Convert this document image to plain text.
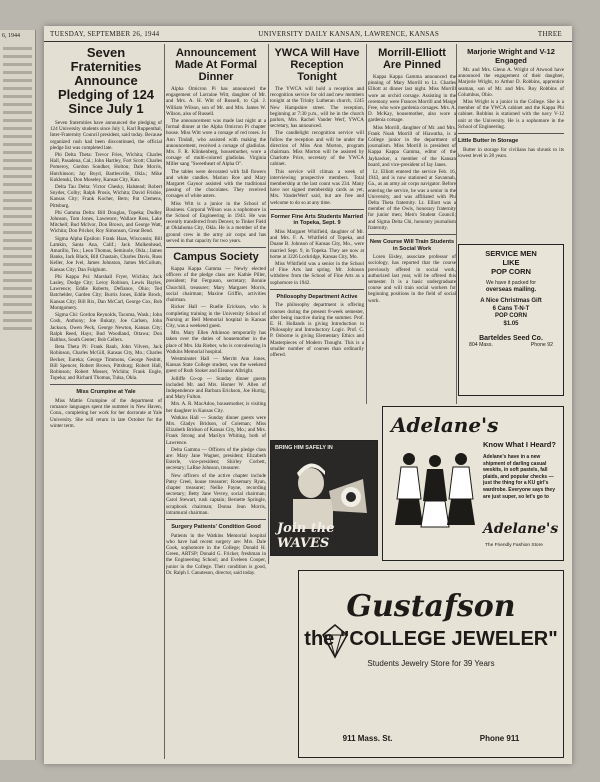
6, 1944	TUESDAY, SEPTEMBER 26, 1944	UNIVERSITY DAILY KANSAN, LAWRENCE, KANSAS	THREE
Seven Fraternities Announce Pledging of 124 Since July 1

Seven fraternities have announced the pledging of 124 University students since July 1, Karl Ruppenthal, Inter-Fraternity Council president, said today. Because organized rush had been discontinued, the official pledge list was completed late.

Phi Delta Theta: Trevor Fries, Wichita; Charles Hall, Pasadena, Cal.; John Hartley, Fort Scott; Charles Pomeroy, Gordon Sondker, Holton; Dale Morris, Hutchinson; Jay Boyd, Bartlesville, Okla.; Mike Kuklenski, Don Moseley, Kansas City, Kan.

Delta Tau Delta: Victor Chesky, Halstead; Robert Snyder, Colby; Ralph Prosis, Wichita; David Frisbie, Kansas City; Frank Kocher, Bern; Pat Clemens, Pittsburg.

Phi Gamma Delta: Bill Douglas, Topeka; Dudley Johnson, Tom Jones, Lawrence; Wallace Ross, Lake Mitchell; Bud McIvor, Don Brown, and George Watt, Wichita; Don Pricker, Roy Simonson, Great Bend.

Sigma Alpha Epsilon: Frank Haas, Wisconsin; Bill Lamkin, Santa Ana, Calif.; Jack Mulkenhead, Amarillo, Tex.; Leon Thomas, Seminole, Okla.; James Banks, Jack Black, Bill Chastain, Charles Davis, Russ Keller, Joe Ivel, James Johnston, James McCollum, Kansas City; Dan Fulghum.

Phi Kappa Psi: Marshall Fryer, Wichita; Jack Lasley, Dodge City; Leroy Robison, Lewis Bayles, Lawrence; Eddie Roberts, Defiance, Ohio; Ted Batchelder, Garden City; Burris Jones, Eddie Brock, Kansas City; Bill Rix, Dan McCarl, George Cox, Bob Montgomery.

Sigma Chi: Gordon Reynolds, Tacoma, Wash.; John Cosh, Anthony; Joe Bukaty, Joe Carlsen, John Jackson, Owen Peck, George Newton, Kansas City; Ralph Reed, Hays; Bud Woodland, Ottawa; Don Balthus, South Center; Bob Cellers.

Beta Theta Pi: Frank Raub, John Vilvers, Jack Robinson, Charles McGill, Kansas City, Mo.; Charles Becker, Eureka; George Timmons, George Nesbitt, Bill Spencer, Robert Brown, Pittsburg; Robert Hall, Robinson; Robert Mosser, Wichita; Frank Engle, Topeka; and Richard Thomas, Tulsa, Okla.

Miss Crumpine at Yale

Miss Mattie Crumpine of the department of romance languages spent the summer in New Haven, Conn., completing her work for her doctorate at Yale University. She will return in late October for the winter term.

Announcement Made At Formal Dinner

Alpha Omicron Pi has announced the engagement of Lorraine Witt, daughter of Mr. and Mrs. A. H. Witt of Russell, to Cpl. J. William Wilson, son of Mr. and Mrs. James W. Wilson, also of Russell.

The announcement was made last night at a formal dinner at the Alpha Omicron Pi chapter house. Miss Witt wore a corsage of red roses. Jo Ann Tindall, who assisted with making the announcement, received a corsage of gladiolas. Mrs. F. R. Klinkenberg, housemother, wore a corsage of multi-colored gladiolas. Virginia Miller sang "Sweetheart of Alpha O".

The tables were decorated with fall flowers and white candles. Marion Roe and Mary Margaret Gaynor assisted with the traditional passing of the chocolates. They received corsages of white asters.

Miss Witt is a junior in the School of Business. Corporal Wilson was a sophomore in the School of Engineering in 1943. He was recently transferred from Denver, to Tinker Field at Oklahoma City, Okla. He is a member of the ground crew in the army air corps and has served in that capacity for two years.

Campus Society

Kappa Kappa Gamma — Newly elected officers of the pledge class are: Kathie Piller, president; Pat Ferguson, secretary; Bonnie Churchill, treasurer; Mary Margaret Morris, social chairman; Maxine Griffin, activities chairman.

Ricker Hall — Ruelle Erickson, who is completing training in the University School of Nursing at Bell Memorial hospital in Kansas City, was a weekend guest.

Mrs. Mary Ellen Atkinson temporarily has taken over the duties of housemother in the place of Mrs. Ida Rieber, who is convalescing in Watkins Memorial hospital.

Westminster Hall — Merritt Ann Jones, Kansas State College student, was the weekend guest of Ruth Stoker and Eleanor Albright.

Jolliffe Co-op — Sunday dinner guests included Mr. and Mrs. Homer W. Allen of Independence and Barbara Erickson, Joe Hurtig, and Mary Fulton.

Mrs. A. R. MacAdoo, housemother, is visiting her daughter in Kansas City.

Watkins Hall — Sunday dinner guests were Mrs. Gladys Bridson, of Coleman; Miss Elizabeth Bridson of Kansas City, Mo.; and Mrs. Frank Strong and Marilyn Whiting, both of Lawrence.

Delta Gamma — Officers of the pledge class are: Mary Jane Wagner, president; Elizabeth Esterle, vice-president; Shirley Corbett, secretary; LaRue Johnson, treasurer.

New officers of the active chapter include Patsy Creel, house treasurer; Rosemary Ryan, chapter treasurer; Nellie Payne, recording secretary; Betty Jane Vevrey, social chairman; Carol Stewart, rush captain; Bernette Springle, scrapbook chairman; Donna Jean Morris, intramural chairman.

Surgery Patients' Condition Good

Patients in the Watkins Memorial hospital who have had recent surgery are: Mrs. Dale Cook, sophomore in the College; Donald H. Green, ARTSP; Donald G. Fricker, freshman in the Engineering School; and Eveleen Cooper, junior in the College. Their condition is good, Dr. Ralph I. Canuteson, director, said today.

YWCA Will Have Reception Tonight

The YWCA will hold a reception and recognition service for old and new members tonight at the Trinity Lutheran church, 1245 New Hampshire street. The reception, beginning at 7:30 p.m., will be in the church parlors, Mrs. Rachel Vander Werf, YWCA secretary, has announced.

The candlelight recognition service will follow the reception and will be under the direction of Miss Ann Morton, program chairman. Miss Morton will be assisted by Charlotte Price, secretary of the YWCA cabinet.

This service will climax a week of interviewing prospective members. Total membership at the last count was 234. Many have not signed membership cards as yet, Mrs. VanderWerf said, but are free and welcome to do so at any time.

Former Fine Arts Students Married in Topeka, Sept. 9

Miss Margaret Whitfield, daughter of Mr. and Mrs. F. A. Whitfield of Topeka, and Duane B. Johnson of Kansas City, Mo., were married Sept. 9, in Topeka. They are now at home at 3226 Lockridge, Kansas City, Mo.

Miss Whitfield was a senior in the School of Fine Arts last spring. Mr. Johnson withdrew from the School of Fine Arts as a sophomore in 1942.

Philosophy Department Active

The philosophy department is offering courses during the present 8-week semester, after being inactive during the summer. Prof. E. H. Hollands is giving Introduction to Philosophy and Introductory Logic. Prof. C. P. Osborne is giving Elementary Ethics and Masterpieces of Modern Thought. This is a smaller number of courses than ordinarily offered.

Morrill-Elliott Are Pinned

Kappa Kappa Gamma announced the pinning of Mary Morrill to Lt. Charles Elliott at dinner last night. Miss Morrill wore an orchid corsage. Assisting in the ceremony were Frances Morrill and Marge Free, who wore gardenia corsages. Mrs. A. D. McKay, housemother, also wore a gardenia corsage.

Miss Morrill, daughter of Mr. and Mrs. Frank Noah Morrill of Hiawatha, is a College junior in the department of journalism. Miss Morrill is president of Kappa Kappa Gamma, editor of the Jayhawker, a member of the Kansan board, and vice-president of Jay Janes.

Lt. Elliott entered the service Feb. 16, 1943, and is now stationed at Savannah, Ga., as an army air corps navigator. Before entering the service, he was a senior in the University, and was affiliated with Phi Delta Theta fraternity. Lt. Elliott was a member of the Owls, honorary fraternity for junior men; Men's Student Council; and Sigma Delta Chi, honorary journalism fraternity.

New Course Will Train Students in Social Work

Loren Eisley, associate professor of sociology, has reported that the course previously offered in social work, authorized last year, will be offered this semester. It is a basic undergraduate course and will train social workers for beginning positions in the field of social work.

Marjorie Wright and V-12 Engaged

Mr. and Mrs. Glenn A. Wright of Atwood have announced the engagement of their daughter, Marjorie Wright, to Arthur D. Robbins, apprentice seaman, son of Mr. and Mrs. Roy Robbins of Columbus, Ohio.

Miss Wright is a junior in the College. She is a member of the YWCA cabinet and the Kappa Phi cabinet. Robbins is stationed with the navy V-12 unit at the University. He is a sophomore in the School of Engineering.

Little Butter in Storage

Butter in storage for civilians has shrunk to its lowest level in 28 years.

SERVICE MEN
LIKE
POP CORN
We have it packed for
overseas mailing.
A Nice Christmas Gift
6 Cans T-N-T
POP CORN
$1.05
Barteldes Seed Co.
804 Mass.	Phone 92
BRING HIM SAFELY IN
Join the WAVES
Adelane's
Know What I Heard?
Adelane's have in a new shipment of darling casual weskits, in soft pastels, fall plaids, and popular checks — just the thing for a KU girl's wardrobe. Everyone says they are just super, so let's go to
Adelane's
The Friendly Fashion Store
Gustafson
the "COLLEGE JEWELER"
Students Jewelry Store for 39 Years
911 Mass. St.	Phone 911
